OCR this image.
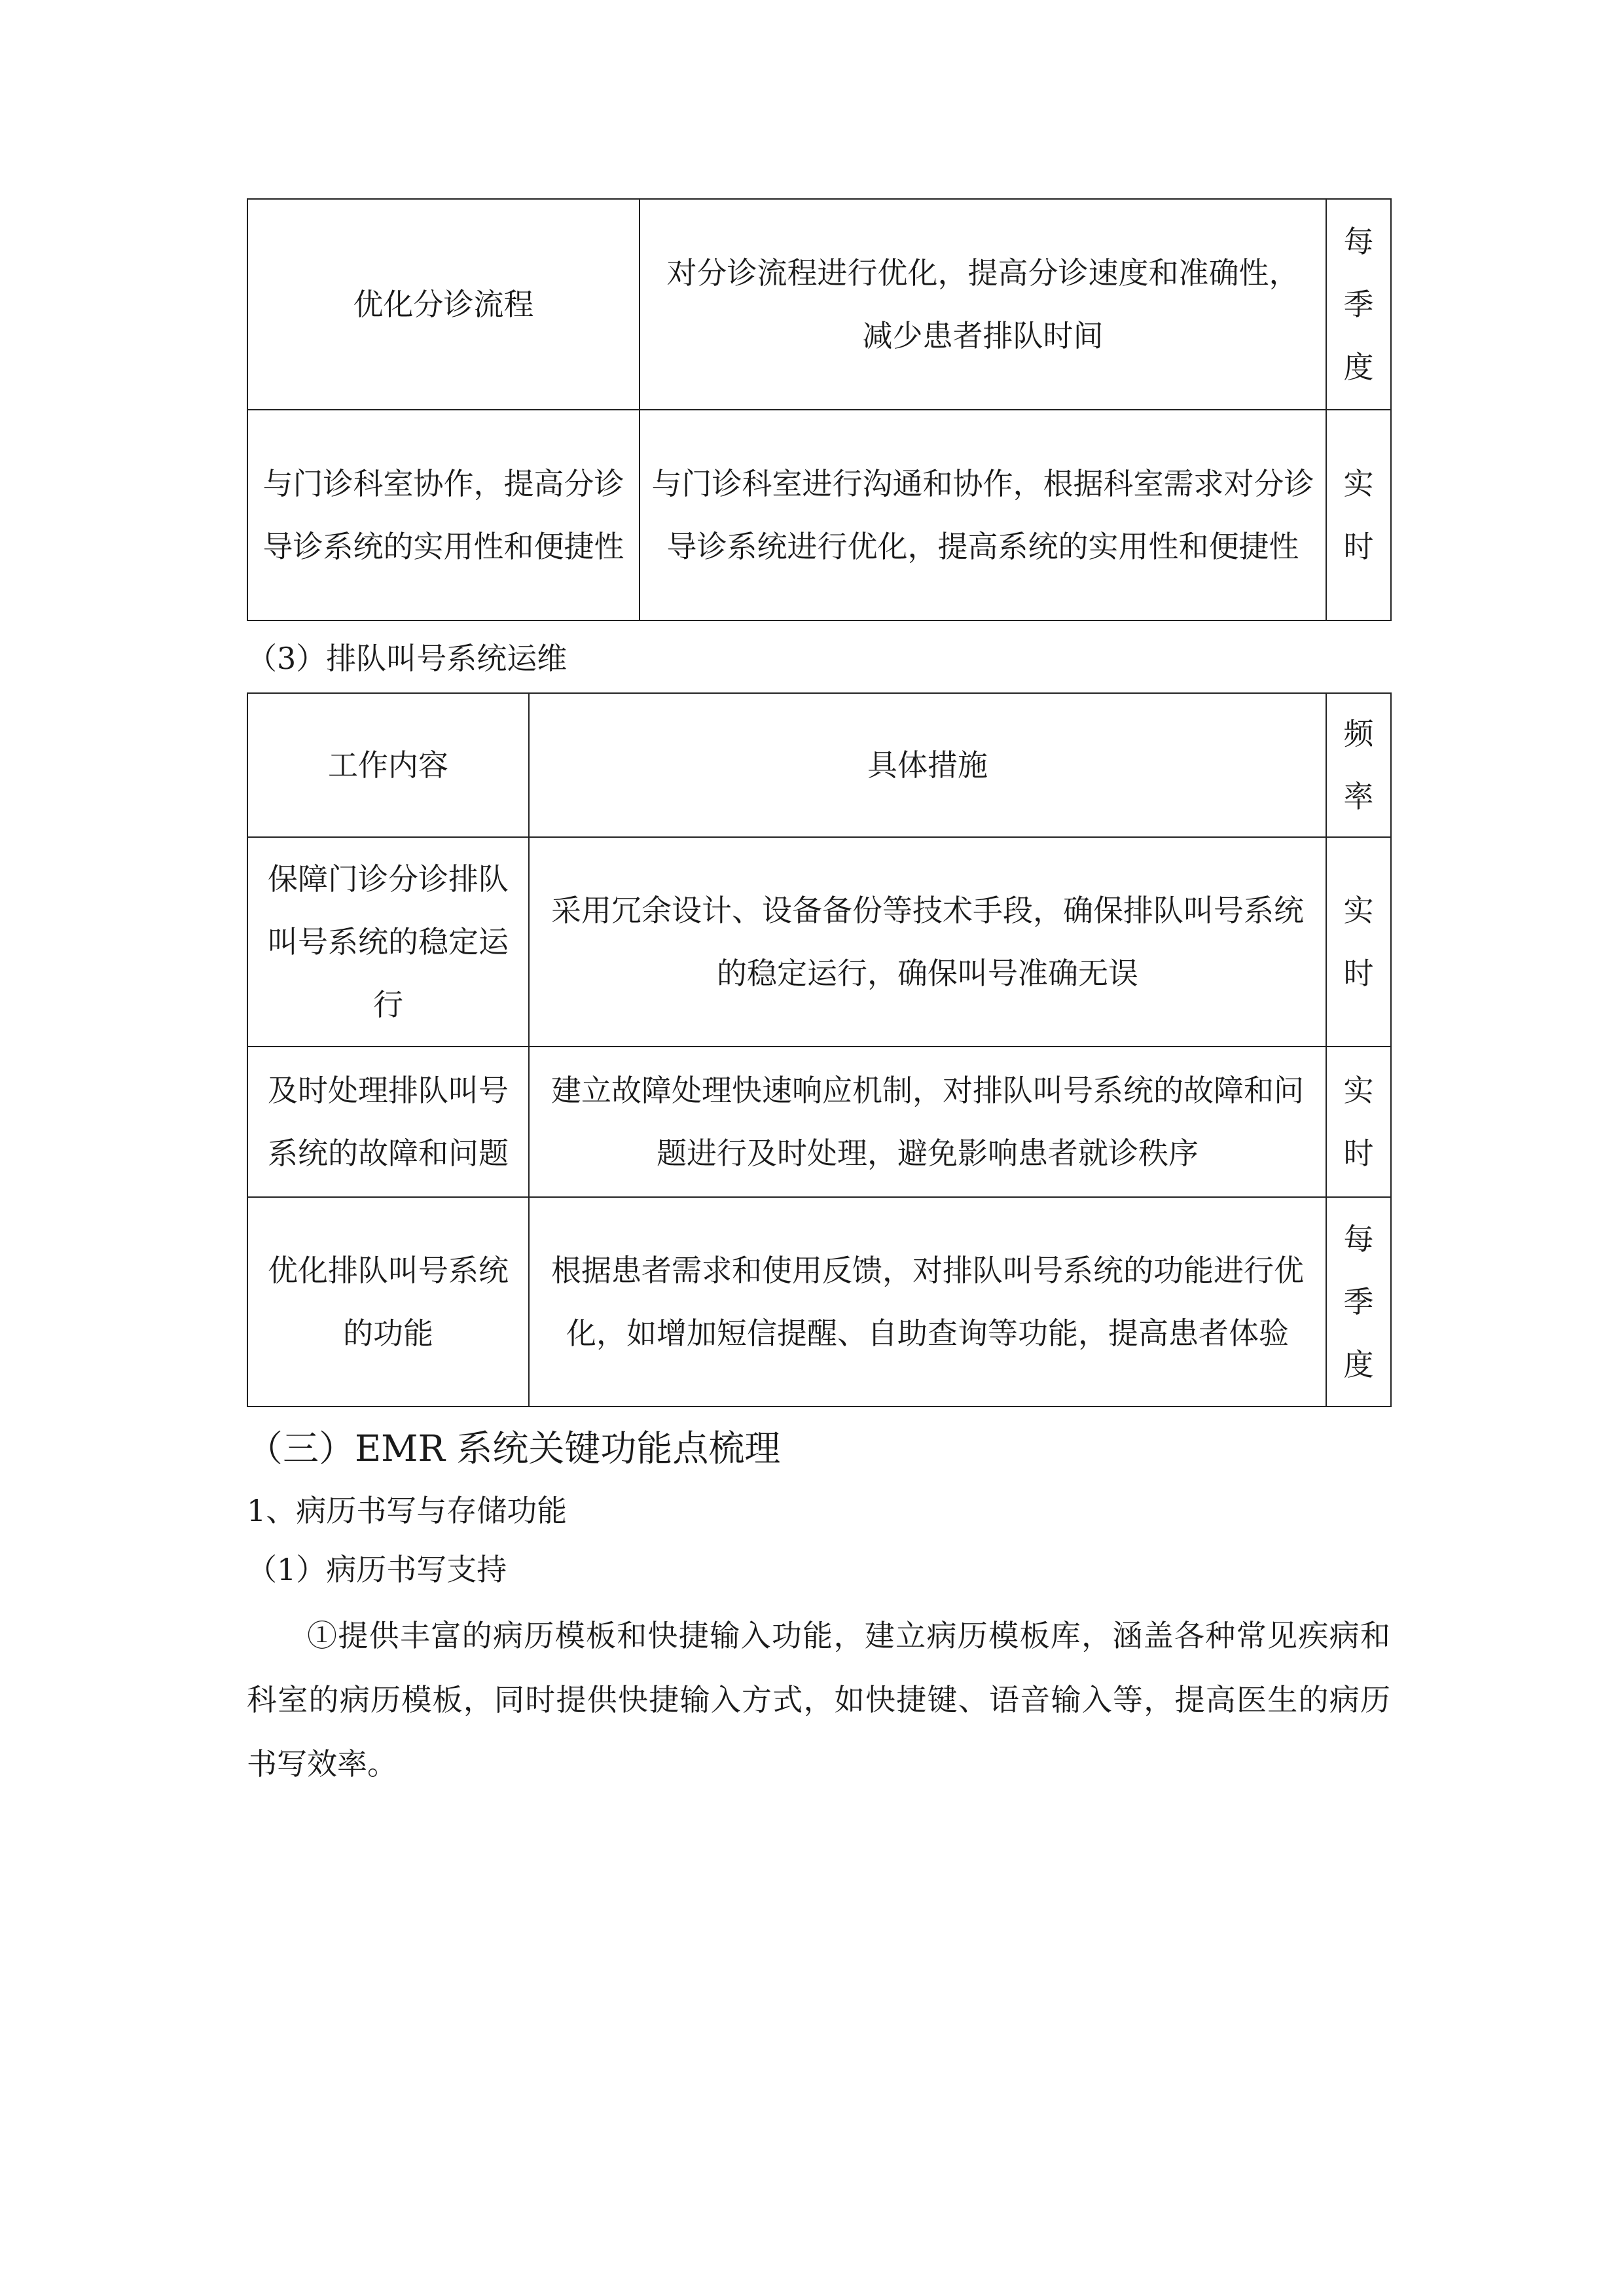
优化分诊流程	对分诊流程进行优化，提高分诊速度和准确性，减少患者排队时间	每季度
与门诊科室协作，提高分诊导诊系统的实用性和便捷性	与门诊科室进行沟通和协作，根据科室需求对分诊导诊系统进行优化，提高系统的实用性和便捷性	实时
（3）排队叫号系统运维
工作内容	具体措施	频率
保障门诊分诊排队叫号系统的稳定运行	采用冗余设计、设备备份等技术手段，确保排队叫号系统的稳定运行，确保叫号准确无误	实时
及时处理排队叫号系统的故障和问题	建立故障处理快速响应机制，对排队叫号系统的故障和问题进行及时处理，避免影响患者就诊秩序	实时
优化排队叫号系统的功能	根据患者需求和使用反馈，对排队叫号系统的功能进行优化，如增加短信提醒、自助查询等功能，提高患者体验	每季度
（三）EMR 系统关键功能点梳理
1、病历书写与存储功能
（1）病历书写支持

①提供丰富的病历模板和快捷输入功能，建立病历模板库，涵盖各种常见疾病和科室的病历模板，同时提供快捷输入方式，如快捷键、语音输入等，提高医生的病历书写效率。
